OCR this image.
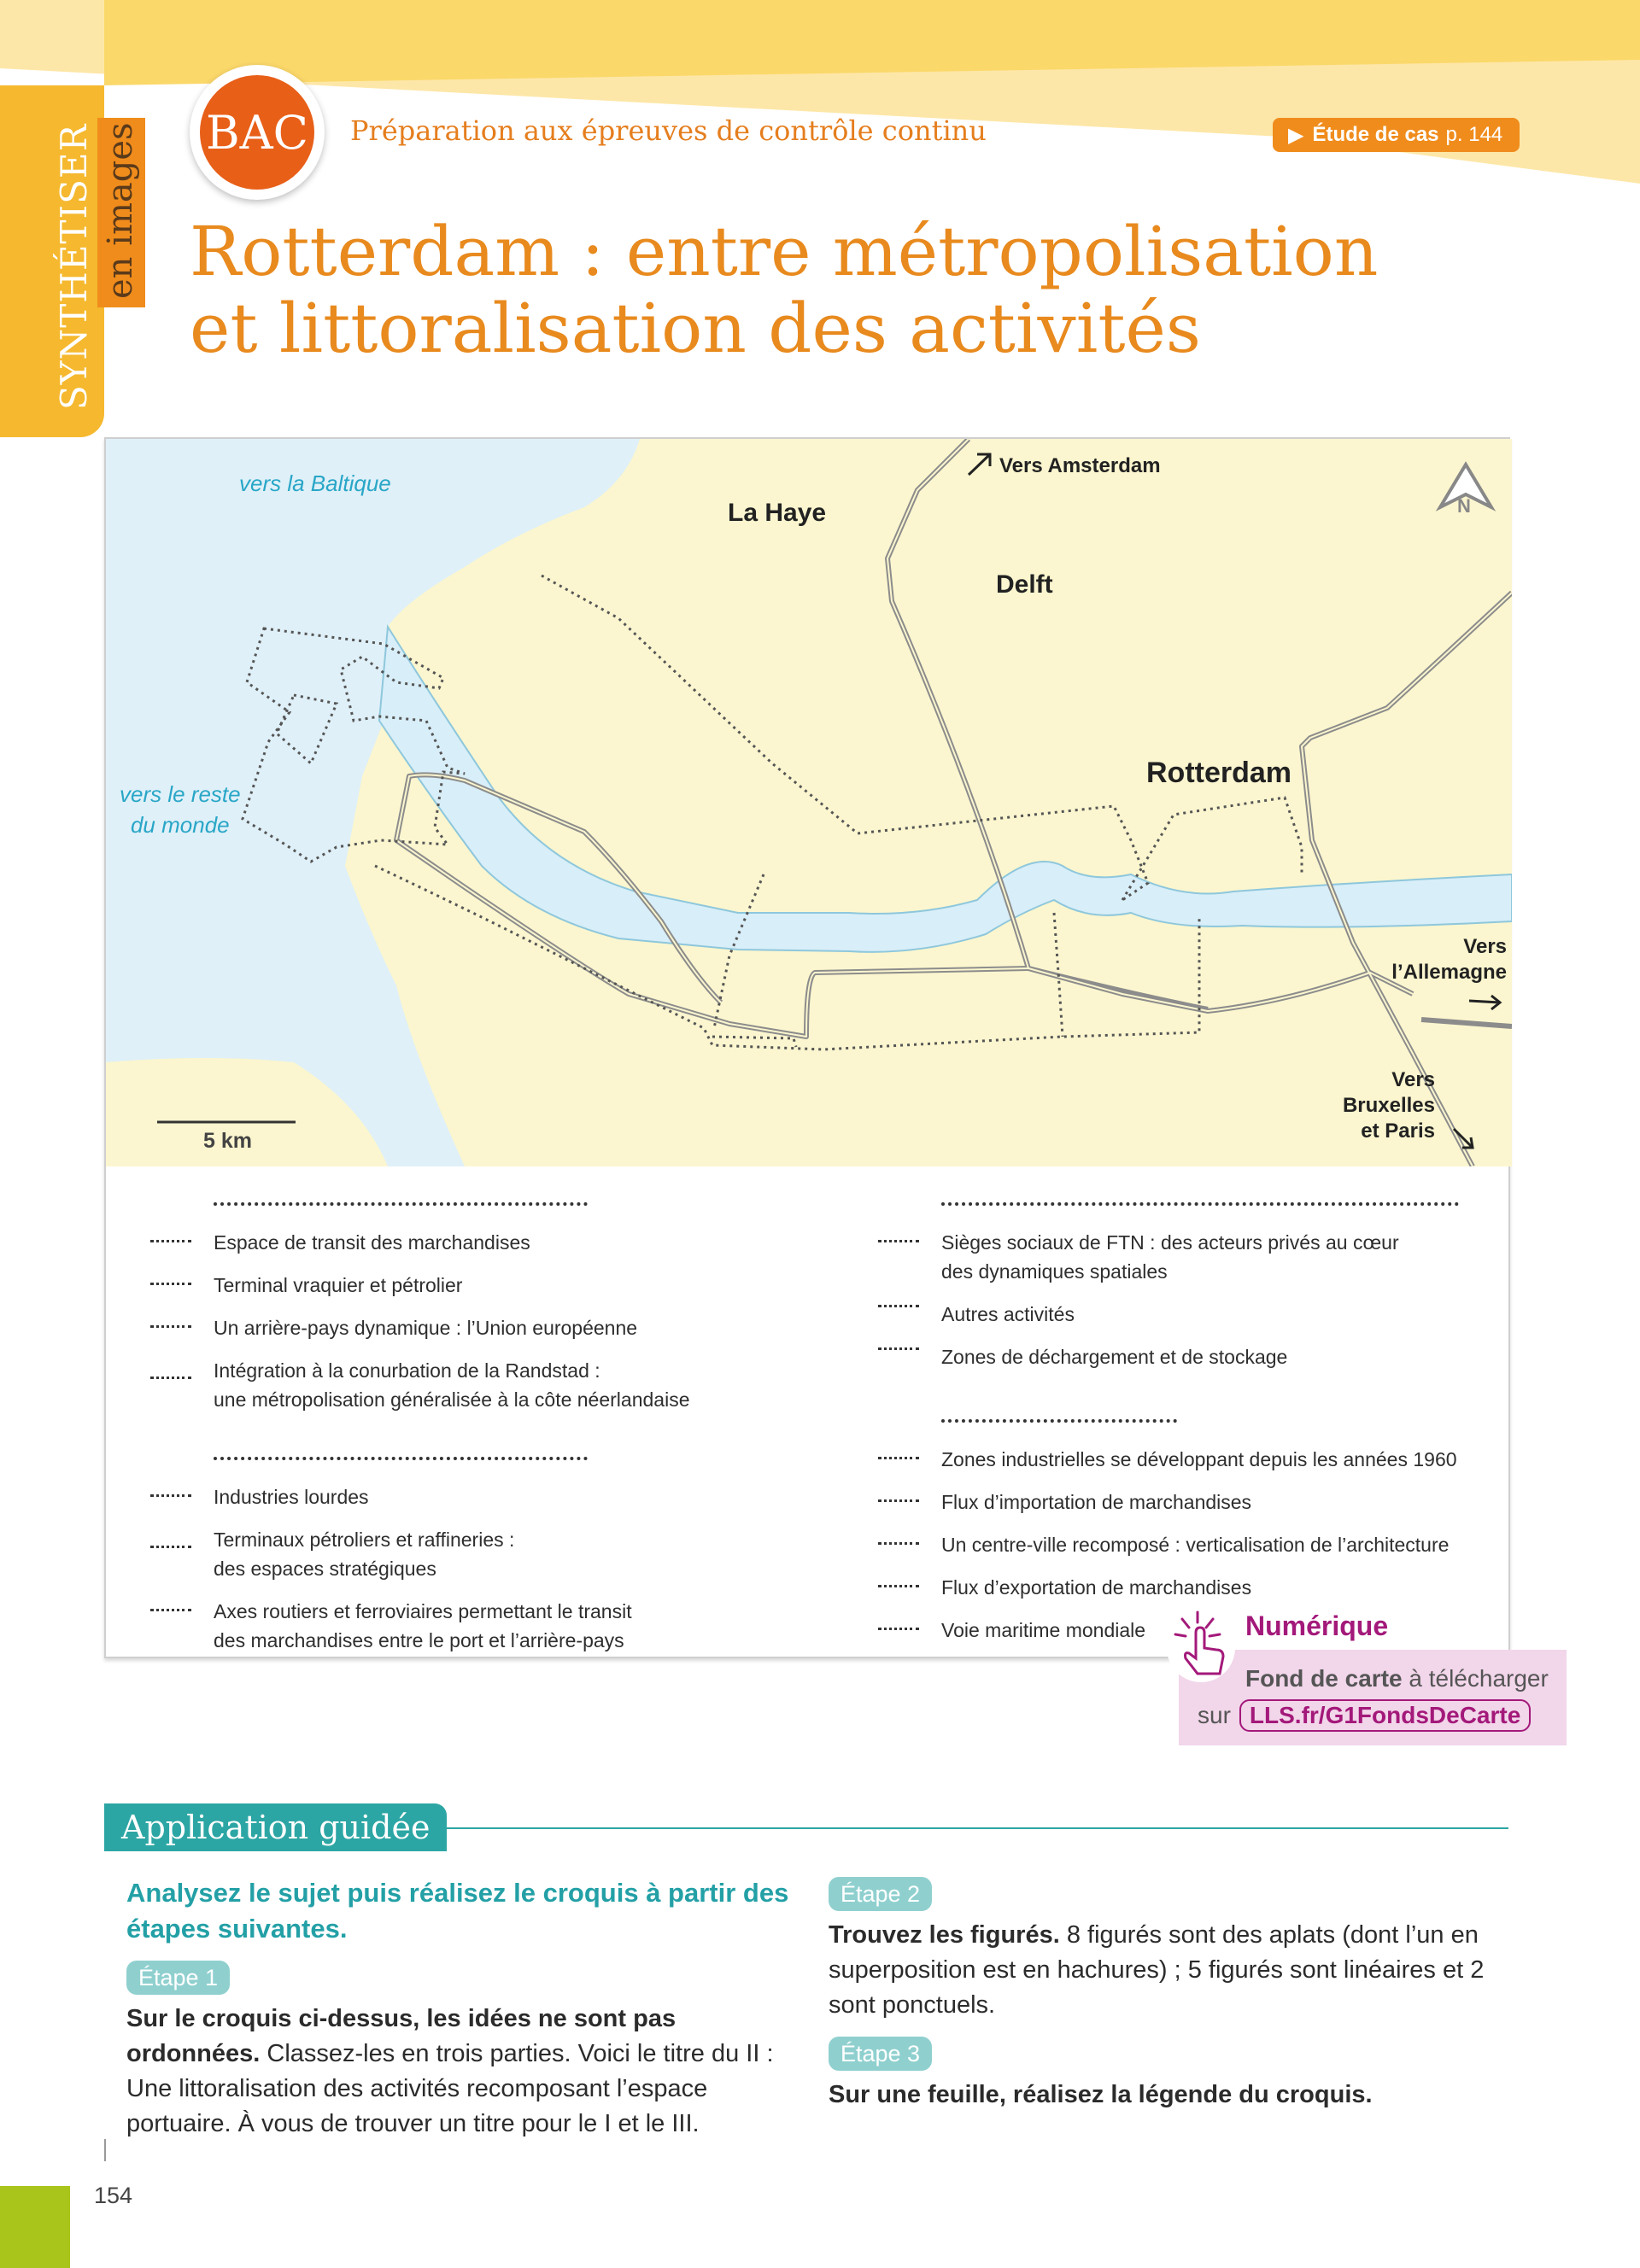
SYNTHÉTISER en images BAC Préparation aux épreuves de contrôle continu	▶ Étude de cas p. 144
Rotterdam : entre métropolisation
et littoralisation des activités
vers la Baltique
vers le reste
du monde
La Haye
Delft
Rotterdam
Vers Amsterdam
Vers
l’Allemagne
Vers
Bruxelles
et Paris
N
5 km
Espace de transit des marchandises
Terminal vraquier et pétrolier
Un arrière-pays dynamique : l’Union européenne
Intégration à la conurbation de la Randstad :
une métropolisation généralisée à la côte néerlandaise
Industries lourdes
Terminaux pétroliers et raffineries :
des espaces stratégiques
Axes routiers et ferroviaires permettant le transit
des marchandises entre le port et l’arrière-pays
Sièges sociaux de FTN : des acteurs privés au cœur
des dynamiques spatiales
Autres activités
Zones de déchargement et de stockage
Zones industrielles se développant depuis les années 1960
Flux d’importation de marchandises
Un centre-ville recomposé : verticalisation de l’architecture
Flux d’exportation de marchandises
Voie maritime mondiale	Numérique
Fond de carte à télécharger
sur LLS.fr/G1FondsDeCarte
Application guidée
Analysez le sujet puis réalisez le croquis à partir des étapes suivantes.
Étape 1

Sur le croquis ci-dessus, les idées ne sont pas ordonnées. Classez-les en trois parties. Voici le titre du II : Une littoralisation des activités recomposant l’espace portuaire. À vous de trouver un titre pour le I et le III.

Étape 2

Trouvez les figurés. 8 figurés sont des aplats (dont l’un en superposition est en hachures) ; 5 figurés sont linéaires et 2 sont ponctuels.

Étape 3

Sur une feuille, réalisez la légende du croquis.

154
